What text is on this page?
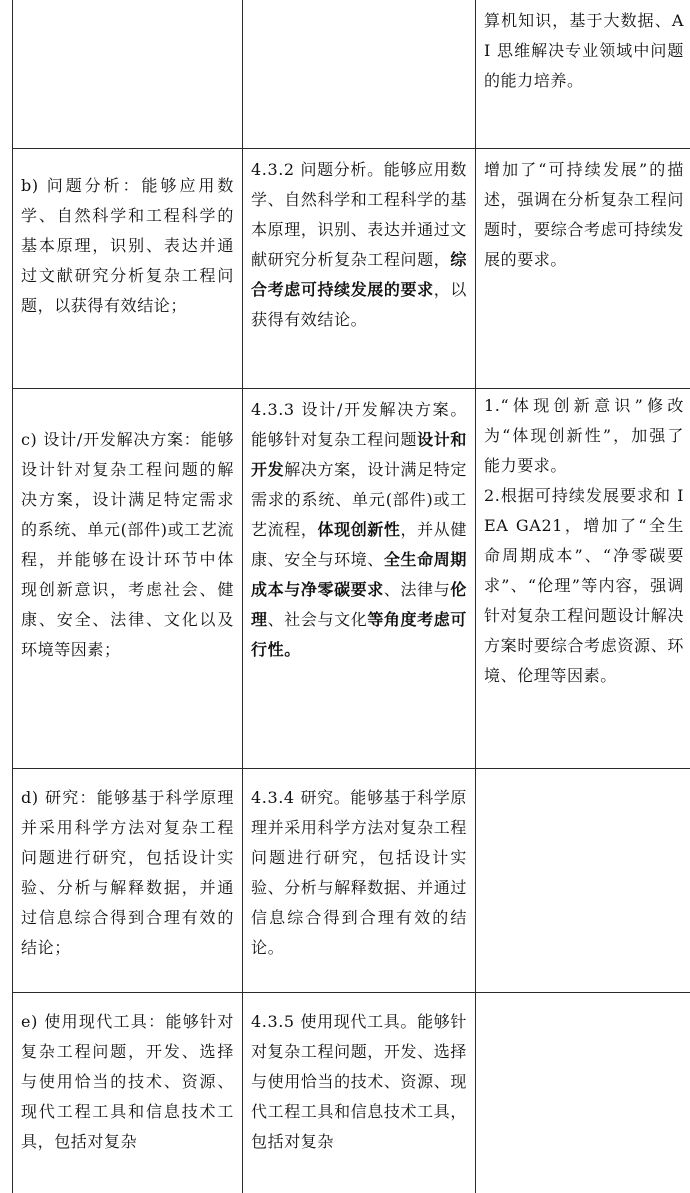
		算机知识，基于大数据、AI 思维解决专业领域中问题的能力培养。
b) 问题分析：能够应用数学、自然科学和工程科学的基本原理，识别、表达并通过文献研究分析复杂工程问题，以获得有效结论；	4.3.2 问题分析。能够应用数学、自然科学和工程科学的基本原理，识别、表达并通过文献研究分析复杂工程问题，综合考虑可持续发展的要求，以获得有效结论。	增加了“可持续发展”的描述，强调在分析复杂工程问题时，要综合考虑可持续发展的要求。
c) 设计/开发解决方案：能够设计针对复杂工程问题的解决方案，设计满足特定需求的系统、单元(部件)或工艺流程，并能够在设计环节中体现创新意识，考虑社会、健康、安全、法律、文化以及环境等因素；	4.3.3 设计/开发解决方案。能够针对复杂工程问题设计和开发解决方案，设计满足特定需求的系统、单元(部件)或工艺流程，体现创新性，并从健康、安全与环境、全生命周期成本与净零碳要求、法律与伦理、社会与文化等角度考虑可行性。	1.“体现创新意识”修改为“体现创新性”，加强了能力要求。
2.根据可持续发展要求和 IEA GA21，增加了“全生命周期成本”、“净零碳要求”、“伦理”等内容，强调针对复杂工程问题设计解决方案时要综合考虑资源、环境、伦理等因素。

d) 研究：能够基于科学原理并采用科学方法对复杂工程问题进行研究，包括设计实验、分析与解释数据，并通过信息综合得到合理有效的结论；	4.3.4 研究。能够基于科学原理并采用科学方法对复杂工程问题进行研究，包括设计实验、分析与解释数据、并通过信息综合得到合理有效的结论。	
e) 使用现代工具：能够针对复杂工程问题，开发、选择与使用恰当的技术、资源、现代工程工具和信息技术工具，包括对复杂	4.3.5 使用现代工具。能够针对复杂工程问题，开发、选择与使用恰当的技术、资源、现代工程工具和信息技术工具，包括对复杂	
